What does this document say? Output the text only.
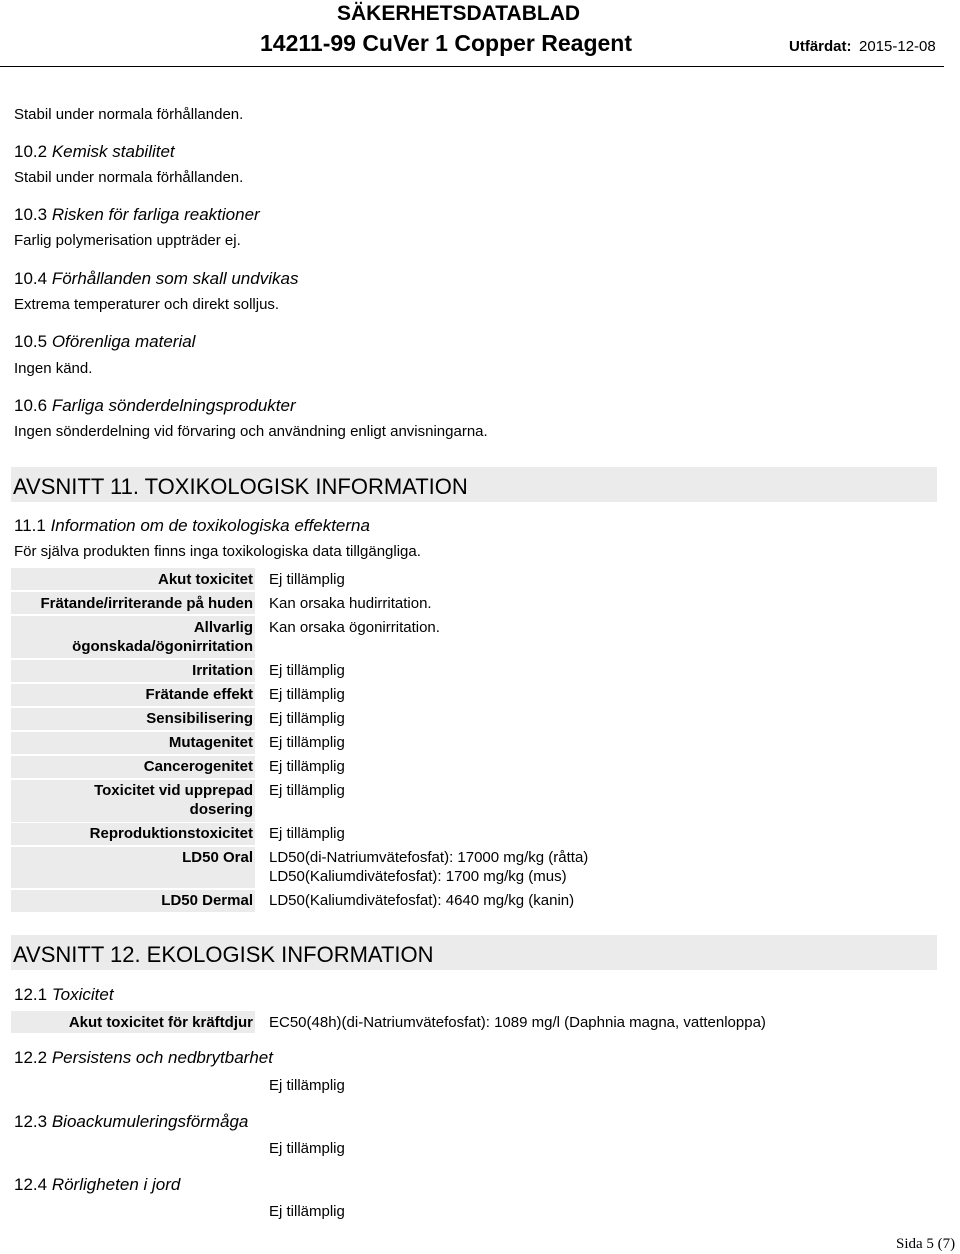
SÄKERHETSDATABLAD
14211-99 CuVer 1 Copper Reagent	Utfärdat: 2015-12-08
Stabil under normala förhållanden.
10.2 Kemisk stabilitet
Stabil under normala förhållanden.
10.3 Risken för farliga reaktioner
Farlig polymerisation uppträder ej.
10.4 Förhållanden som skall undvikas
Extrema temperaturer och direkt solljus.
10.5 Oförenliga material
Ingen känd.
10.6 Farliga sönderdelningsprodukter
Ingen sönderdelning vid förvaring och användning enligt anvisningarna.
AVSNITT 11. TOXIKOLOGISK INFORMATION
11.1 Information om de toxikologiska effekterna
För själva produkten finns inga toxikologiska data tillgängliga.
Akut toxicitet Ej tillämplig
Frätande/irriterande på huden Kan orsaka hudirritation.
Allvarlig
ögonskada/ögonirritation
Kan orsaka ögonirritation.
Irritation Ej tillämplig
Frätande effekt Ej tillämplig
Sensibilisering Ej tillämplig
Mutagenitet Ej tillämplig
Cancerogenitet Ej tillämplig
Toxicitet vid upprepad
dosering
Ej tillämplig
Reproduktionstoxicitet Ej tillämplig
LD50 Oral LD50(di-Natriumvätefosfat): 17000 mg/kg (råtta)
LD50(Kaliumdivätefosfat): 1700 mg/kg (mus)
LD50 Dermal LD50(Kaliumdivätefosfat): 4640 mg/kg (kanin)
AVSNITT 12. EKOLOGISK INFORMATION
12.1 Toxicitet
Akut toxicitet för kräftdjur EC50(48h)(di-Natriumvätefosfat): 1089 mg/l (Daphnia magna, vattenloppa)
12.2 Persistens och nedbrytbarhet
Ej tillämplig
12.3 Bioackumuleringsförmåga
Ej tillämplig
12.4 Rörligheten i jord
Ej tillämplig
Sida 5 (7)
